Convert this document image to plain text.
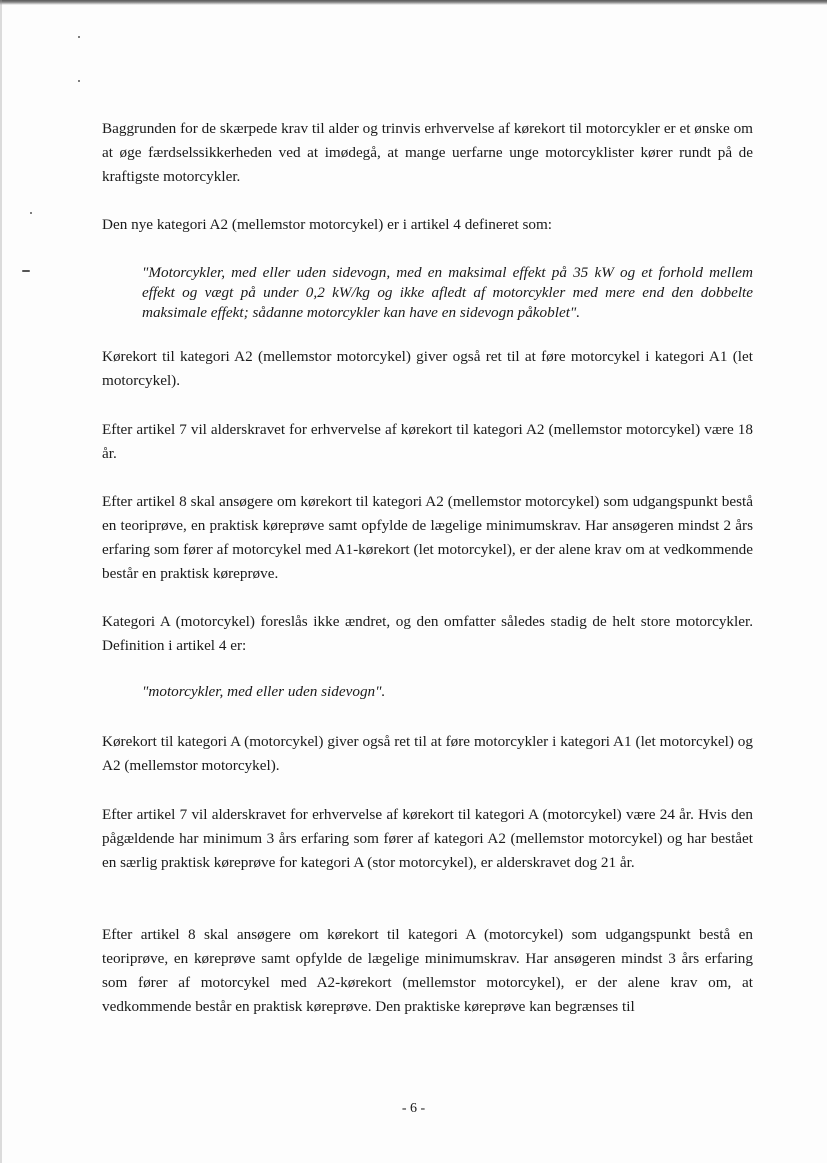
Baggrunden for de skærpede krav til alder og trinvis erhvervelse af kørekort til motorcykler er et ønske om at øge færdselssikkerheden ved at imødegå, at mange uerfarne unge motorcyklister kører rundt på de kraftigste motorcykler.

Den nye kategori A2 (mellemstor motorcykel) er i artikel 4 defineret som:

"Motorcykler, med eller uden sidevogn, med en maksimal effekt på 35 kW og et forhold mellem effekt og vægt på under 0,2 kW/kg og ikke afledt af motorcykler med mere end den dobbelte maksimale effekt; sådanne motorcykler kan have en sidevogn påkoblet".

Kørekort til kategori A2 (mellemstor motorcykel) giver også ret til at føre motorcykel i kategori A1 (let motorcykel).

Efter artikel 7 vil alderskravet for erhvervelse af kørekort til kategori A2 (mellemstor motorcykel) være 18 år.

Efter artikel 8 skal ansøgere om kørekort til kategori A2 (mellemstor motorcykel) som udgangspunkt bestå en teoriprøve, en praktisk køreprøve samt opfylde de lægelige minimumskrav. Har ansøgeren mindst 2 års erfaring som fører af motorcykel med A1-kørekort (let motorcykel), er der alene krav om at vedkommende består en praktisk køreprøve.

Kategori A (motorcykel) foreslås ikke ændret, og den omfatter således stadig de helt store motorcykler. Definition i artikel 4 er:

"motorcykler, med eller uden sidevogn".

Kørekort til kategori A (motorcykel) giver også ret til at føre motorcykler i kategori A1 (let motorcykel) og A2 (mellemstor motorcykel).

Efter artikel 7 vil alderskravet for erhvervelse af kørekort til kategori A (motorcykel) være 24 år. Hvis den pågældende har minimum 3 års erfaring som fører af kategori A2 (mellemstor motorcykel) og har bestået en særlig praktisk køreprøve for kategori A (stor motorcykel), er alderskravet dog 21 år.

Efter artikel 8 skal ansøgere om kørekort til kategori A (motorcykel) som udgangspunkt bestå en teoriprøve, en køreprøve samt opfylde de lægelige minimumskrav. Har ansøgeren mindst 3 års erfaring som fører af motorcykel med A2-kørekort (mellemstor motorcykel), er der alene krav om, at vedkommende består en praktisk køreprøve. Den praktiske køreprøve kan begrænses til

- 6 -
